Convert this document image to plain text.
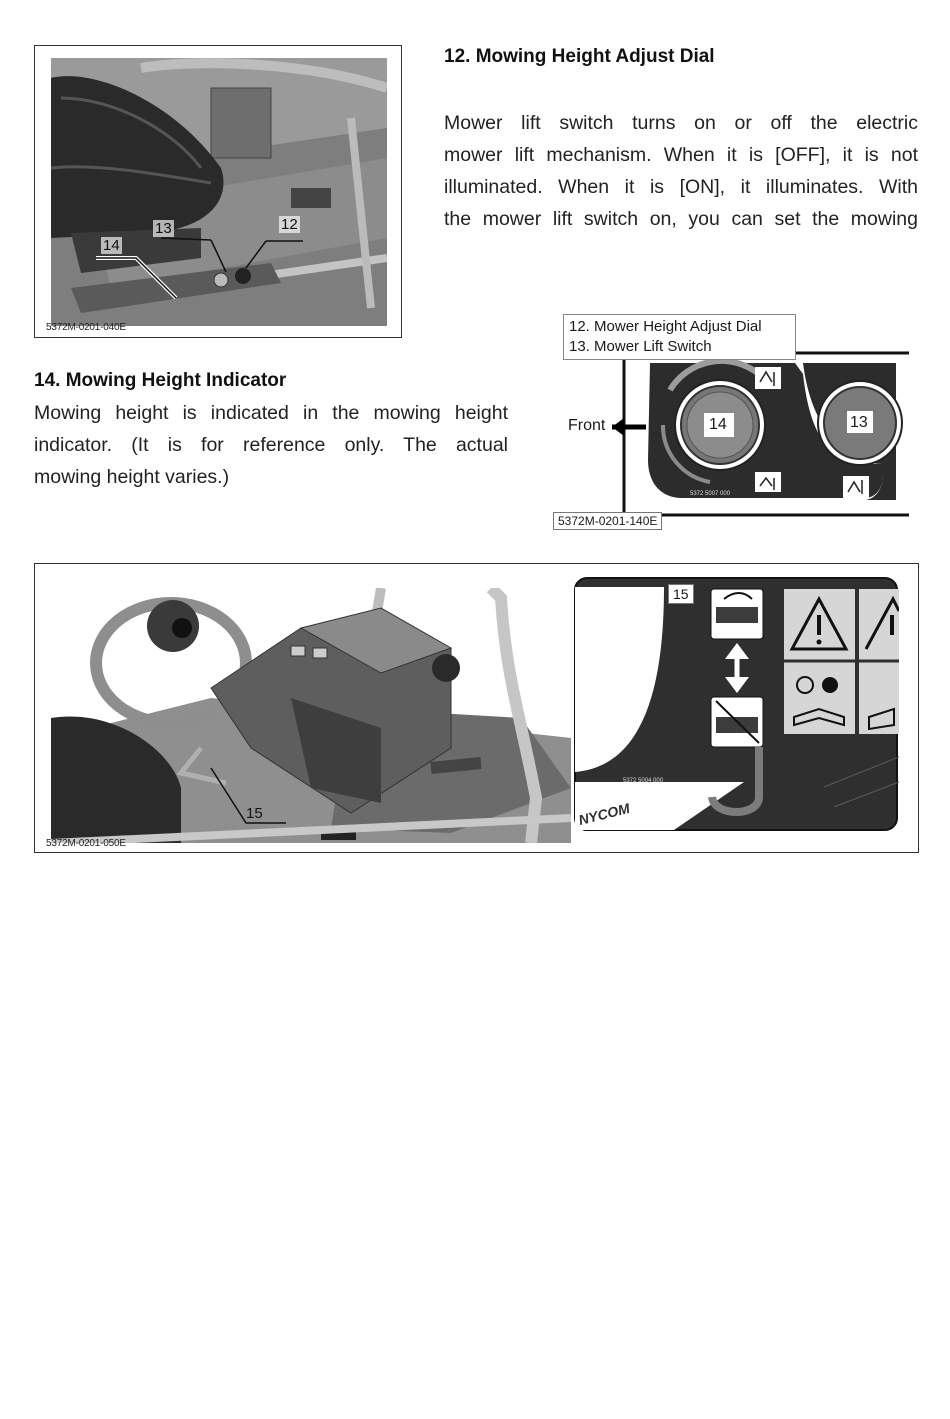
12
13
14
5372M-0201-040E
12. Mowing Height Adjust Dial
Mower lift switch turns on or off the electric
mower lift mechanism. When it is [OFF], it is not
illuminated. When it is [ON], it illuminates. With
the mower lift switch on, you can set the mowing
14. Mowing Height Indicator
Mowing height is indicated in the mowing height
indicator. (It is for reference only. The actual
mowing height varies.)
12. Mower Height Adjust Dial
13. Mower Lift Switch
Front	14	13
5372 5007 000
5372M-0201-140E
15
5372M-0201-050E
15
5372 5004 000
NYCOM
